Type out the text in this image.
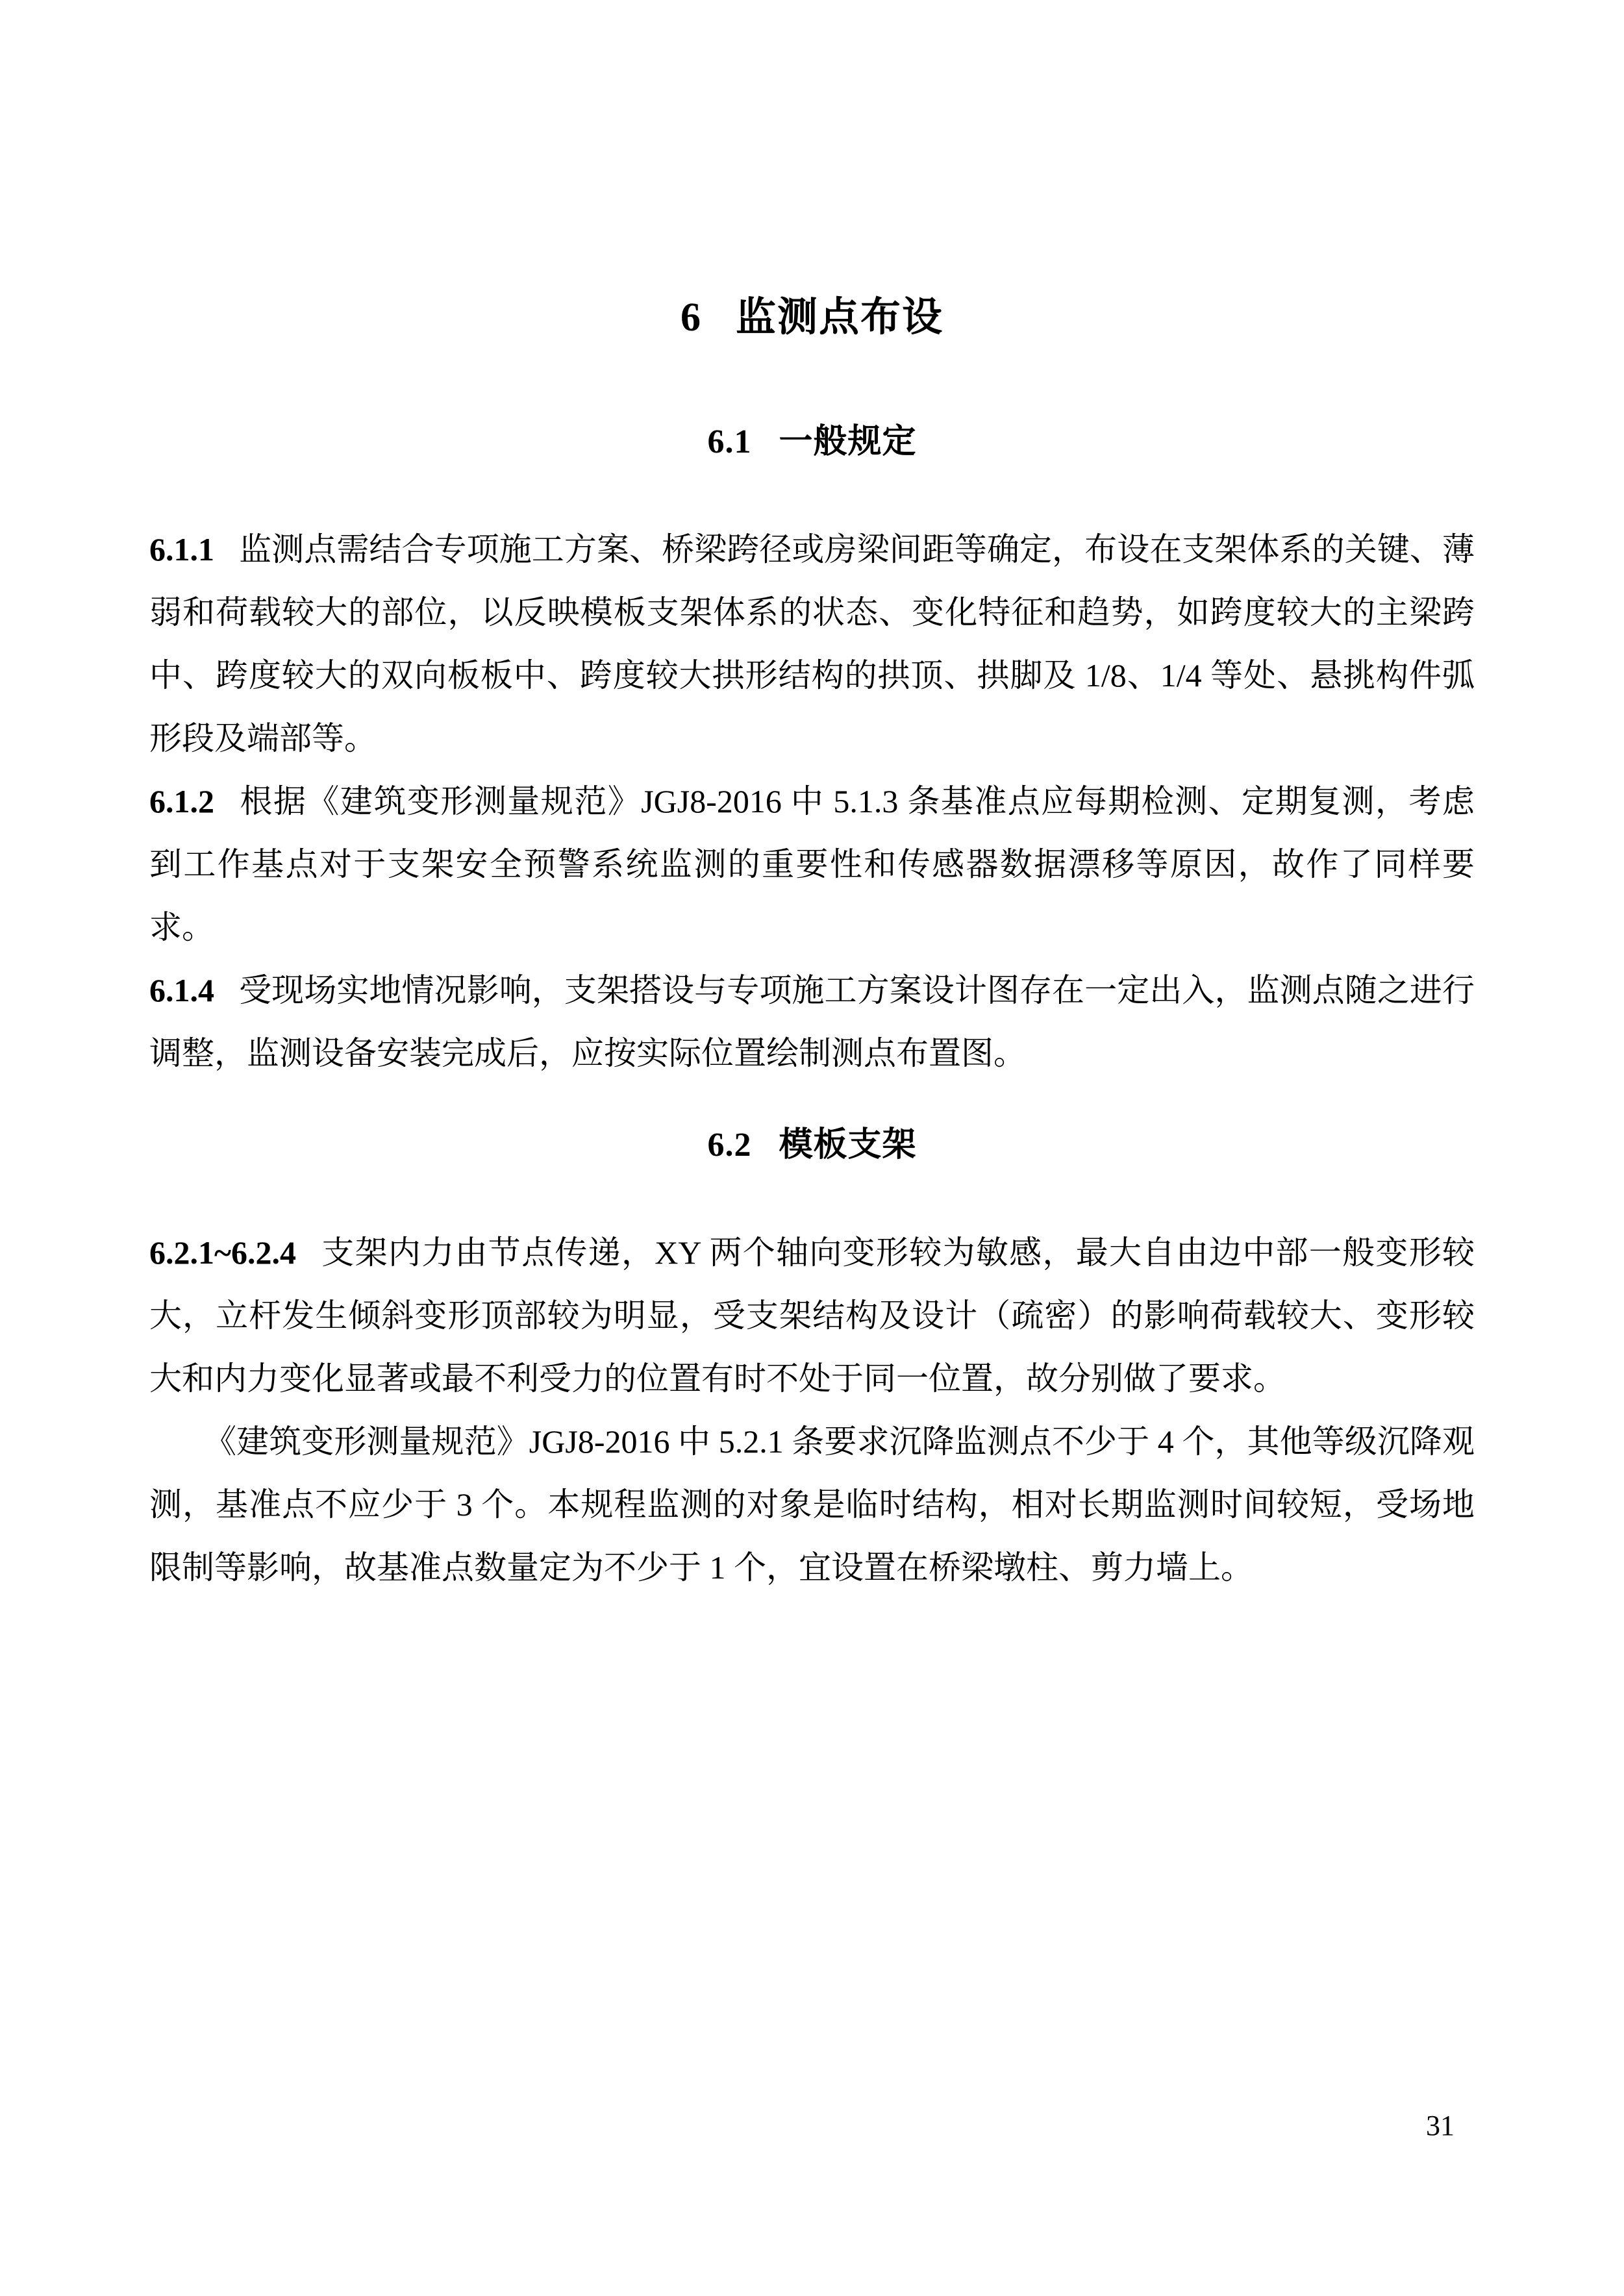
6 监测点布设
6.1 一般规定

6.1.1 监测点需结合专项施工方案、桥梁跨径或房梁间距等确定，布设在支架体系的关键、薄弱和荷载较大的部位，以反映模板支架体系的状态、变化特征和趋势，如跨度较大的主梁跨中、跨度较大的双向板板中、跨度较大拱形结构的拱顶、拱脚及 1/8、1/4 等处、悬挑构件弧形段及端部等。

6.1.2 根据《建筑变形测量规范》JGJ8-2016 中 5.1.3 条基准点应每期检测、定期复测，考虑到工作基点对于支架安全预警系统监测的重要性和传感器数据漂移等原因，故作了同样要求。

6.1.4 受现场实地情况影响，支架搭设与专项施工方案设计图存在一定出入，监测点随之进行调整，监测设备安装完成后，应按实际位置绘制测点布置图。

6.2 模板支架

6.2.1~6.2.4 支架内力由节点传递，XY 两个轴向变形较为敏感，最大自由边中部一般变形较大，立杆发生倾斜变形顶部较为明显，受支架结构及设计（疏密）的影响荷载较大、变形较大和内力变化显著或最不利受力的位置有时不处于同一位置，故分别做了要求。

《建筑变形测量规范》JGJ8-2016 中 5.2.1 条要求沉降监测点不少于 4 个，其他等级沉降观测，基准点不应少于 3 个。本规程监测的对象是临时结构，相对长期监测时间较短，受场地限制等影响，故基准点数量定为不少于 1 个，宜设置在桥梁墩柱、剪力墙上。

31
